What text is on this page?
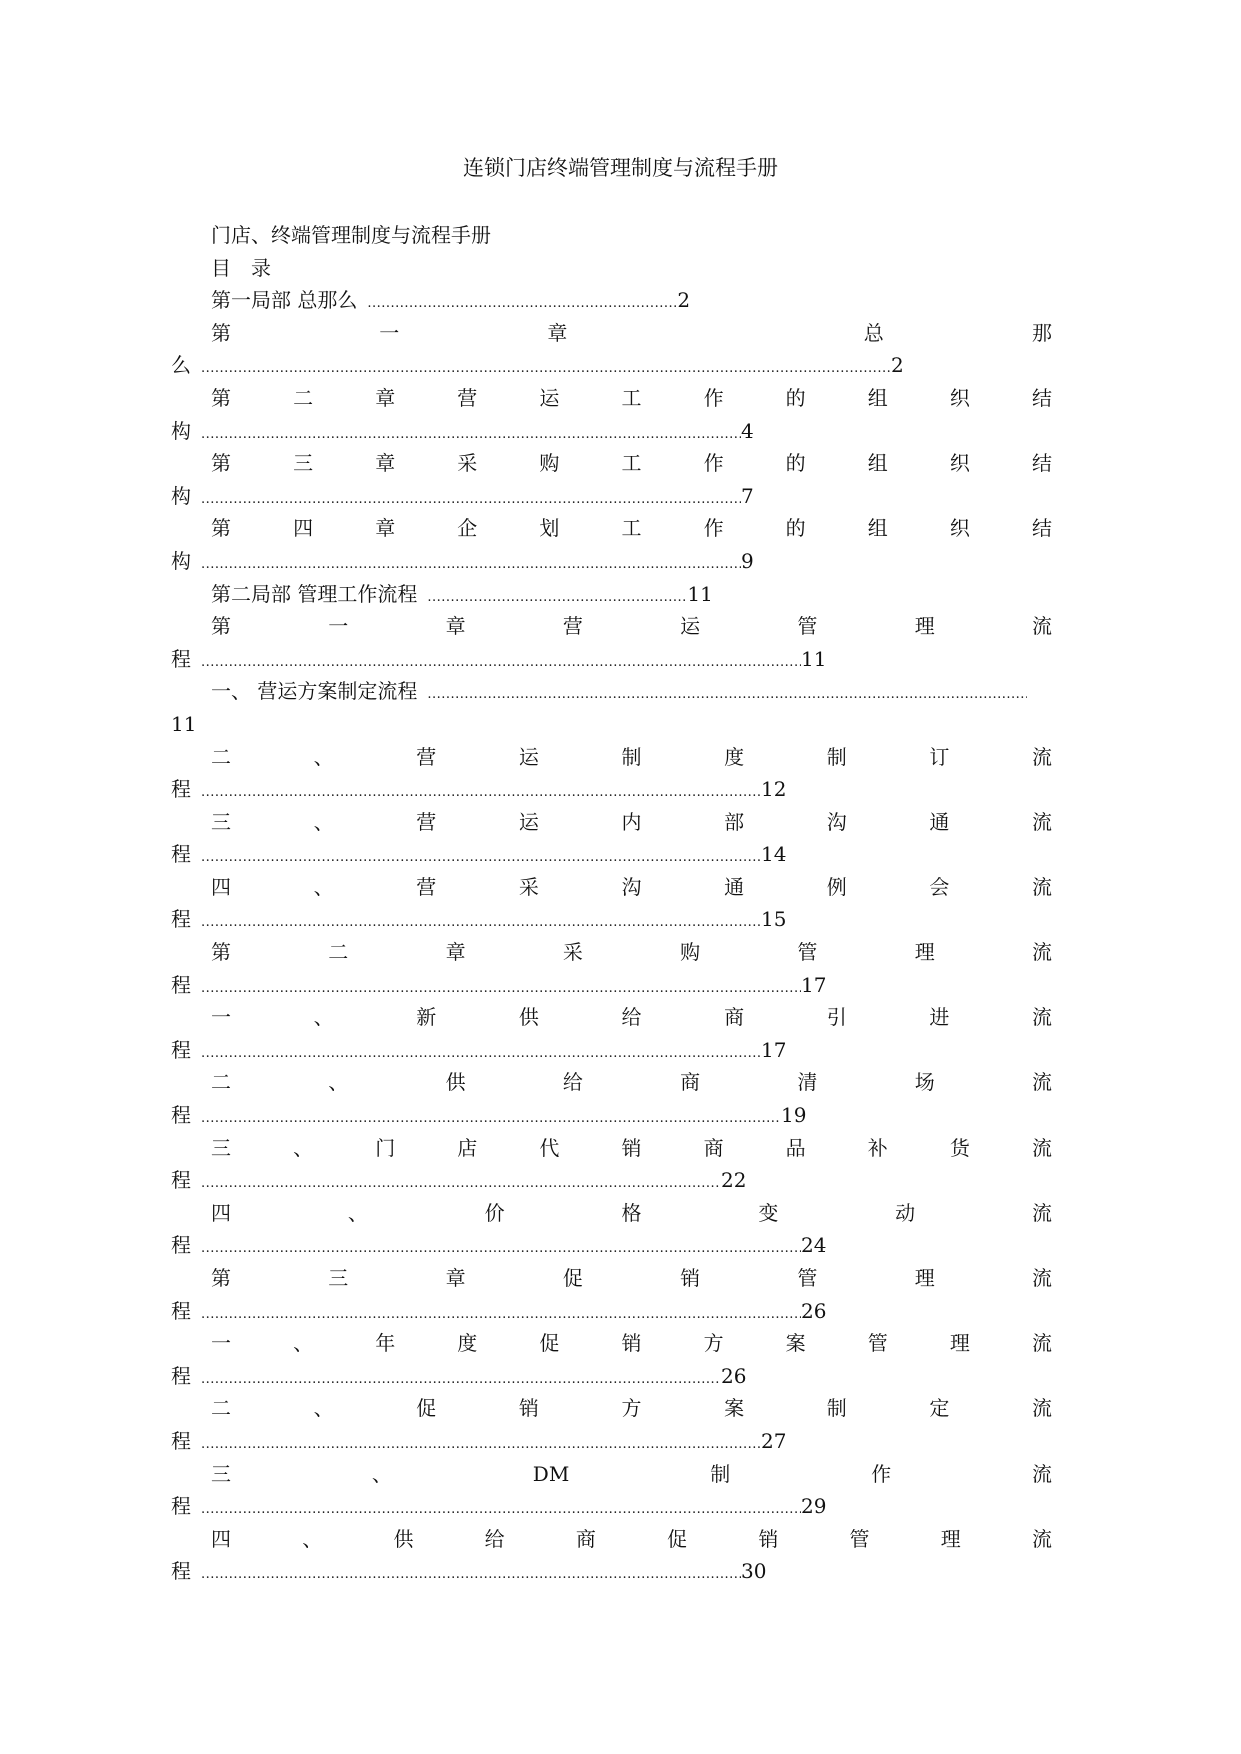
连锁门店终端管理制度与流程手册
门店、终端管理制度与流程手册
目　录
第一局部 总那么 .....	2
第	一	章	总	那
么 .....	2
第	二	章	营	运	工	作	的	组	织	结
构 .....	4
第	三	章	采	购	工	作	的	组	织	结
构 .....	7
第	四	章	企	划	工	作	的	组	织	结
构 .....	9
第二局部 管理工作流程 .....	11
第	一	章	营	运	管	理	流
程 .....	11
一、 营运方案制定流程
.....
11
二	、	营	运	制	度	制	订	流
程 .....	12
三	、	营	运	内	部	沟	通	流
程 .....	14
四	、	营	采	沟	通	例	会	流
程 .....	15
第	二	章	采	购	管	理	流
程 .....	17
一	、	新	供	给	商	引	进	流
程 .....	17
二	、	供	给	商	清	场	流
程 .....	19
三	、	门	店	代	销	商	品	补	货	流
程 .....	22
四	、	价	格	变	动	流
程 .....	24
第	三	章	促	销	管	理	流
程 .....	26
一	、	年	度	促	销	方	案	管	理	流
程 .....	26
二	、	促	销	方	案	制	定	流
程 .....	27
三	、	DM	制	作	流
程 .....	29
四	、	供	给	商	促	销	管	理	流
程 .....	30
